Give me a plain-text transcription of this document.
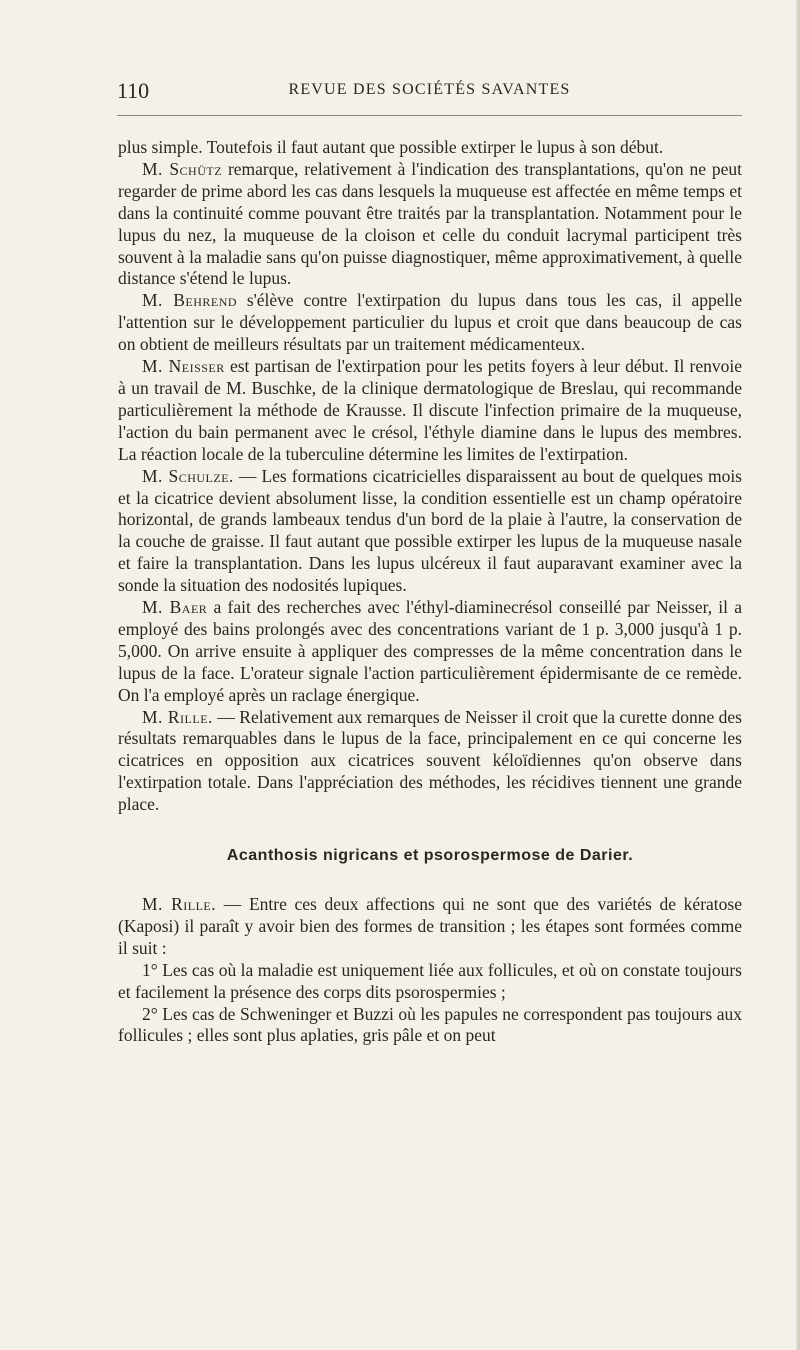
110	REVUE DES SOCIÉTÉS SAVANTES

plus simple. Toutefois il faut autant que possible extirper le lupus à son début.

M. Schütz remarque, relativement à l'indication des transplantations, qu'on ne peut regarder de prime abord les cas dans lesquels la muqueuse est affectée en même temps et dans la continuité comme pouvant être traités par la transplantation. Notamment pour le lupus du nez, la muqueuse de la cloison et celle du conduit lacrymal participent très souvent à la maladie sans qu'on puisse diagnostiquer, même approximativement, à quelle distance s'étend le lupus.

M. Behrend s'élève contre l'extirpation du lupus dans tous les cas, il appelle l'attention sur le développement particulier du lupus et croit que dans beaucoup de cas on obtient de meilleurs résultats par un traitement médicamenteux.

M. Neisser est partisan de l'extirpation pour les petits foyers à leur début. Il renvoie à un travail de M. Buschke, de la clinique dermatologique de Breslau, qui recommande particulièrement la méthode de Krausse. Il discute l'infection primaire de la muqueuse, l'action du bain permanent avec le crésol, l'éthyle diamine dans le lupus des membres. La réaction locale de la tuberculine détermine les limites de l'extirpation.

M. Schulze. — Les formations cicatricielles disparaissent au bout de quelques mois et la cicatrice devient absolument lisse, la condition essentielle est un champ opératoire horizontal, de grands lambeaux tendus d'un bord de la plaie à l'autre, la conservation de la couche de graisse. Il faut autant que possible extirper les lupus de la muqueuse nasale et faire la transplantation. Dans les lupus ulcéreux il faut auparavant examiner avec la sonde la situation des nodosités lupiques.

M. Baer a fait des recherches avec l'éthyl-diaminecrésol conseillé par Neisser, il a employé des bains prolongés avec des concentrations variant de 1 p. 3,000 jusqu'à 1 p. 5,000. On arrive ensuite à appliquer des compresses de la même concentration dans le lupus de la face. L'orateur signale l'action particulièrement épidermisante de ce remède. On l'a employé après un raclage énergique.

M. Rille. — Relativement aux remarques de Neisser il croit que la curette donne des résultats remarquables dans le lupus de la face, principalement en ce qui concerne les cicatrices en opposition aux cicatrices souvent kéloïdiennes qu'on observe dans l'extirpation totale. Dans l'appréciation des méthodes, les récidives tiennent une grande place.

Acanthosis nigricans et psorospermose de Darier.

M. Rille. — Entre ces deux affections qui ne sont que des variétés de kératose (Kaposi) il paraît y avoir bien des formes de transition ; les étapes sont formées comme il suit :

1° Les cas où la maladie est uniquement liée aux follicules, et où on constate toujours et facilement la présence des corps dits psorospermies ;

2° Les cas de Schweninger et Buzzi où les papules ne correspondent pas toujours aux follicules ; elles sont plus aplaties, gris pâle et on peut
